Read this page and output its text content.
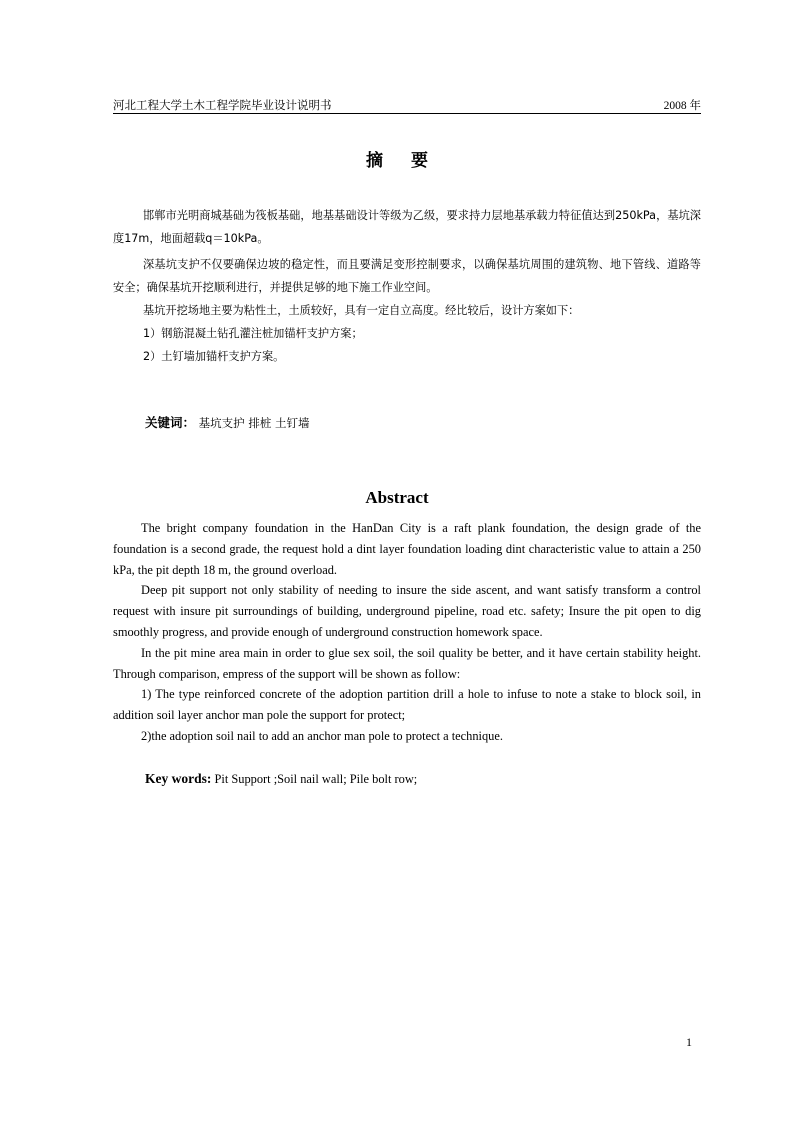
河北工程大学土木工程学院毕业设计说明书	2008 年
摘要

邯郸市光明商城基础为筏板基础，地基基础设计等级为乙级，要求持力层地基承载力特征值达到250kPa，基坑深度17m，地面超载q＝10kPa。

深基坑支护不仅要确保边坡的稳定性，而且要满足变形控制要求，以确保基坑周围的建筑物、地下管线、道路等安全；确保基坑开挖顺利进行，并提供足够的地下施工作业空间。

基坑开挖场地主要为粘性土，土质较好，具有一定自立高度。经比较后，设计方案如下：

1）钢筋混凝土钻孔灌注桩加锚杆支护方案；

2）土钉墙加锚杆支护方案。

关键词： 基坑支护 排桩 土钉墙
Abstract

The bright company foundation in the HanDan City is a raft plank foundation, the design grade of the foundation is a second grade, the request hold a dint layer foundation loading dint characteristic value to attain a 250 kPa, the pit depth 18 m, the ground overload.

Deep pit support not only stability of needing to insure the side ascent, and want satisfy transform a control request with insure pit surroundings of building, underground pipeline, road etc. safety; Insure the pit open to dig smoothly progress, and provide enough of underground construction homework space.

In the pit mine area main in order to glue sex soil, the soil quality be better, and it have certain stability height. Through comparison, empress of the support will be shown as follow:

1) The type reinforced concrete of the adoption partition drill a hole to infuse to note a stake to block soil, in addition soil layer anchor man pole the support for protect;

2)the adoption soil nail to add an anchor man pole to protect a technique.

Key words: Pit Support ;Soil nail wall; Pile bolt row;
1
